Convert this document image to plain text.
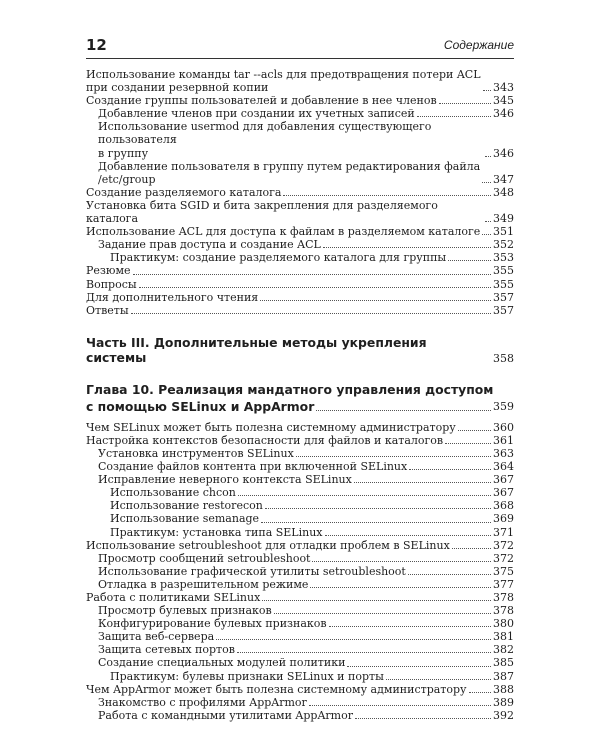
12	Содержание
Использование команды tar --acls для предотвращения потери ACL
при создании резервной копии	343
Создание группы пользователей и добавление в нее членов	345
Добавление членов при создании их учетных записей	346
Использование usermod для добавления существующего пользователя
в группу	346
Добавление пользователя в группу путем редактирования файла
/etc/group	347
Создание разделяемого каталога	348
Установка бита SGID и бита закрепления для разделяемого каталога	349
Использование ACL для доступа к файлам в разделяемом каталоге 351
Задание прав доступа и создание ACL	352
Практикум: создание разделяемого каталога для группы	353
Резюме	355
Вопросы	355
Для дополнительного чтения	357
Ответы	357
Часть III. Дополнительные методы укрепления системы	358
Глава 10. Реализация мандатного управления доступом
с помощью SELinux и AppArmor	359
Чем SELinux может быть полезна системному администратору	360
Настройка контекстов безопасности для файлов и каталогов	361
Установка инструментов SELinux	363
Создание файлов контента при включенной SELinux	364
Исправление неверного контекста SELinux	367
Использование chcon	367
Использование restorecon	368
Использование semanage	369
Практикум: установка типа SELinux	371
Использование setroubleshoot для отладки проблем в SELinux	372
Просмотр сообщений setroubleshoot	372
Использование графической утилиты setroubleshoot	375
Отладка в разрешительном режиме	377
Работа с политиками SELinux	378
Просмотр булевых признаков	378
Конфигурирование булевых признаков	380
Защита веб-сервера	381
Защита сетевых портов	382
Создание специальных модулей политики	385
Практикум: булевы признаки SELinux и порты	387
Чем AppArmor может быть полезна системному администратору 388
Знакомство с профилями AppArmor	389
Работа с командными утилитами AppArmor	392
